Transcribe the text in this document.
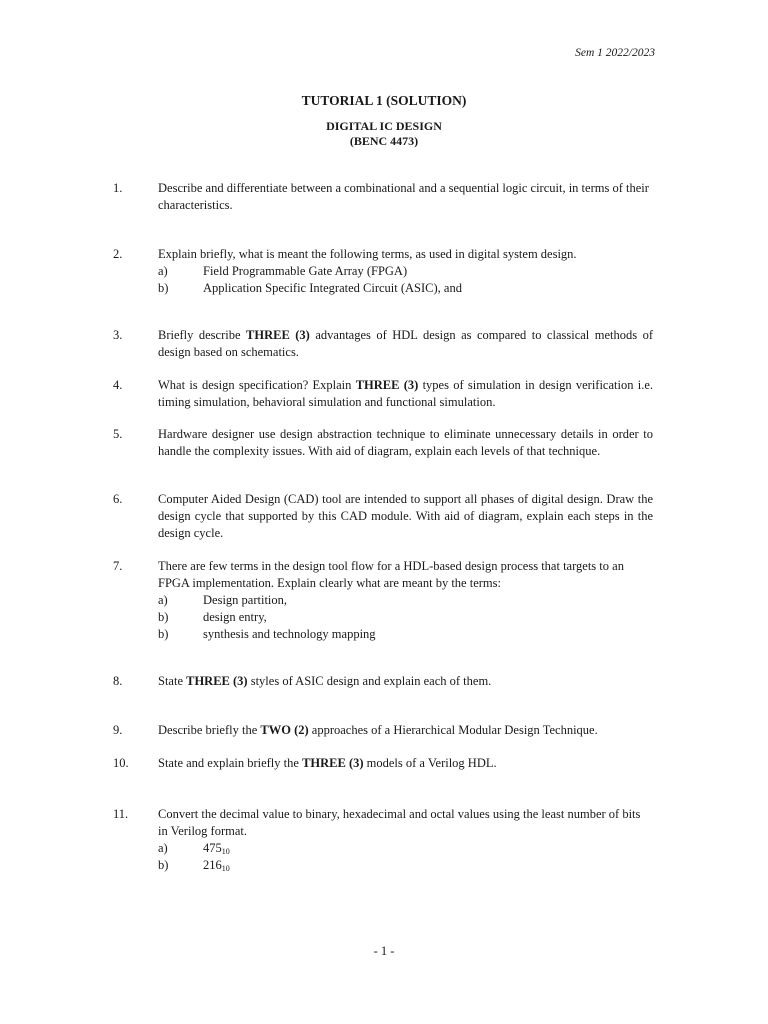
Sem 1 2022/2023
TUTORIAL 1 (SOLUTION)
DIGITAL IC DESIGN
(BENC 4473)
1.	Describe and differentiate between a combinational and a sequential logic circuit, in terms of their characteristics.
2.	Explain briefly, what is meant the following terms, as used in digital system design.
a)	Field Programmable Gate Array (FPGA)
b)	Application Specific Integrated Circuit (ASIC), and
3.	Briefly describe THREE (3) advantages of HDL design as compared to classical methods of design based on schematics.
4.	What is design specification? Explain THREE (3) types of simulation in design verification i.e. timing simulation, behavioral simulation and functional simulation.
5.	Hardware designer use design abstraction technique to eliminate unnecessary details in order to handle the complexity issues. With aid of diagram, explain each levels of that technique.
6.	Computer Aided Design (CAD) tool are intended to support all phases of digital design. Draw the design cycle that supported by this CAD module. With aid of diagram, explain each steps in the design cycle.
7.	There are few terms in the design tool flow for a HDL-based design process that targets to an FPGA implementation. Explain clearly what are meant by the terms:
a)	Design partition,
b)	design entry,
b)	synthesis and technology mapping
8.	State THREE (3) styles of ASIC design and explain each of them.
9.	Describe briefly the TWO (2) approaches of a Hierarchical Modular Design Technique.
10. State and explain briefly the THREE (3) models of a Verilog HDL.
11. Convert the decimal value to binary, hexadecimal and octal values using the least number of bits in Verilog format.
a)	$475_{10}$
b)	$216_{10}$
- 1 -
